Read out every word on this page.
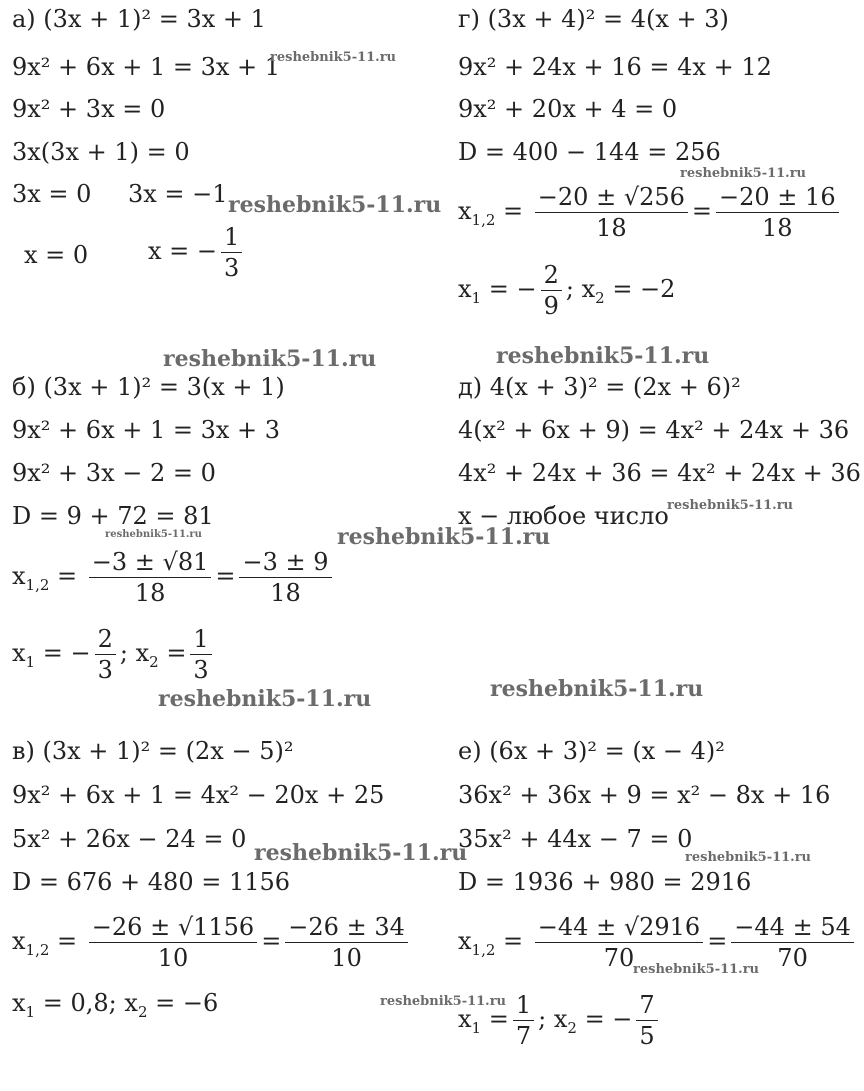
а) (3x + 1)² = 3x + 1
9x² + 6x + 1 = 3x + 1
9x² + 3x = 0
3x(3x + 1) = 0
3x = 0 3x = −1
x = 0 x = − $\frac{1}{3}$
г) (3x + 4)² = 4(x + 3)
9x² + 24x + 16 = 4x + 12
9x² + 20x + 4 = 0
D = 400 − 144 = 256
$x_{1,2} = \frac{-20 \pm √256}{18} = \frac{-20 \pm 16}{18}$
$x_1$ = − $\frac{2}{9}$ ; $x_2 = -2$
б) (3x + 1)² = 3(x + 1)
9x² + 6x + 1 = 3x + 3
9x² + 3x − 2 = 0
D = 9 + 72 = 81
$x_{1,2} = \frac{-3 \pm √81}{18} = \frac{-3 \pm 9}{18}$
$x_1$ = − $\frac{2}{3}$ ; $x_2 = \frac{1}{3}$
д) 4(x + 3)² = (2x + 6)²
4(x² + 6x + 9) = 4x² + 24x + 36
4x² + 24x + 36 = 4x² + 24x + 36
x − любое число
в) (3x + 1)² = (2x − 5)²
9x² + 6x + 1 = 4x² − 20x + 25
5x² + 26x − 24 = 0
D = 676 + 480 = 1156
$x_{1,2} = \frac{-26 \pm √1156}{10} = \frac{-26 \pm 34}{10}$
$x_1 = 0,8$; $x_2 = -6$
е) (6x + 3)² = (x − 4)²
36x² + 36x + 9 = x² − 8x + 16
35x² + 44x − 7 = 0
D = 1936 + 980 = 2916
$x_{1,2} = \frac{-44 \pm √2916}{70} = \frac{-44 \pm 54}{70}$
$x_1 = \frac{1}{7}$ ; $x_2$ = − $\frac{7}{5}$
reshebnik5-11.ru
reshebnik5-11.ru
reshebnik5-11.ru
reshebnik5-11.ru	reshebnik5-11.ru
reshebnik5-11.ru
reshebnik5-11.ru	reshebnik5-11.ru
reshebnik5-11.ru	reshebnik5-11.ru
reshebnik5-11.ru	reshebnik5-11.ru
reshebnik5-11.ru
reshebnik5-11.ru
